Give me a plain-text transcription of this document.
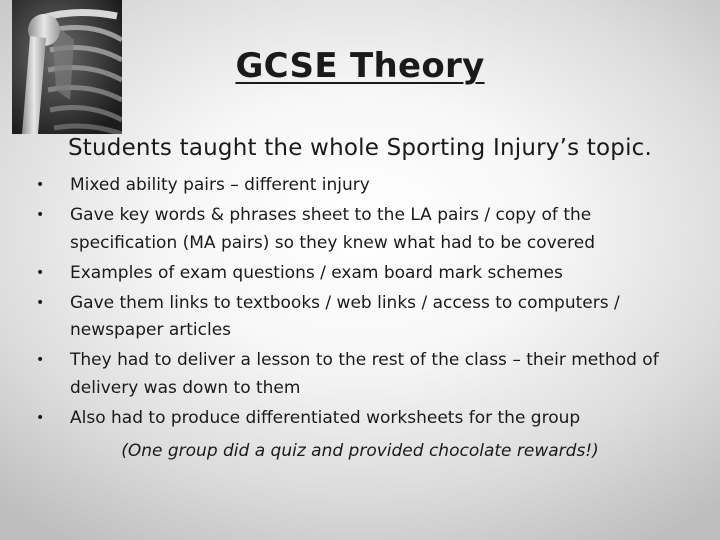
GCSE Theory
Students taught the whole Sporting Injury’s topic.
• Mixed ability pairs – different injury
• Gave key words & phrases sheet to the LA pairs / copy of the specification (MA pairs) so they knew what had to be covered
• Examples of exam questions / exam board mark schemes
• Gave them links to textbooks / web links / access to computers / newspaper articles
• They had to deliver a lesson to the rest of the class – their method of delivery was down to them
• Also had to produce differentiated worksheets for the group
(One group did a quiz and provided chocolate rewards!)
